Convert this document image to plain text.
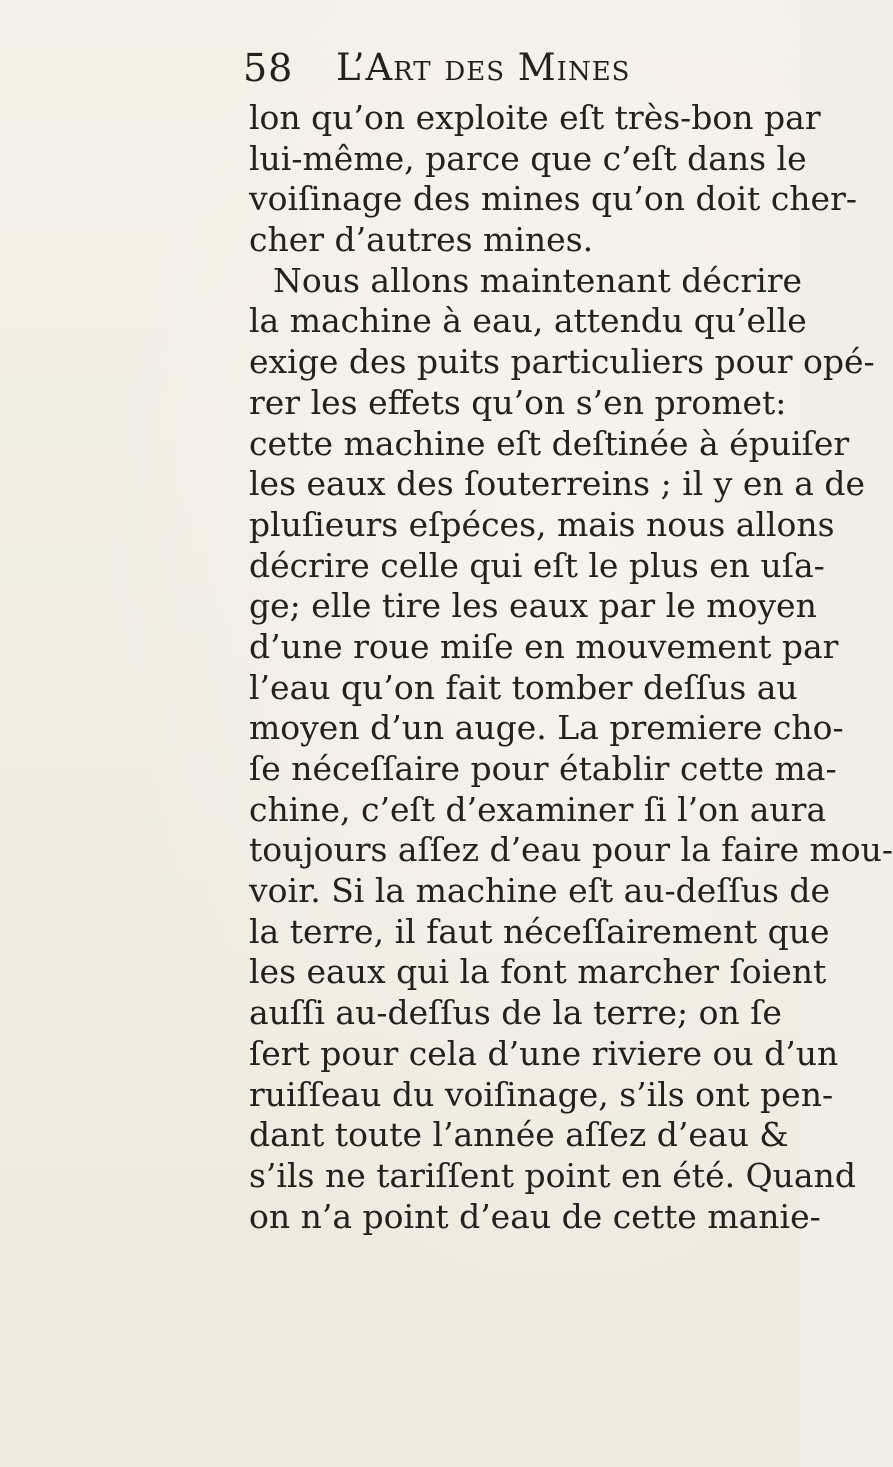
58 L’Art des Mines
lon qu’on exploite eſt très-bon par
lui-même, parce que c’eſt dans le
voiſinage des mines qu’on doit cher-
cher d’autres mines.
Nous allons maintenant décrire
la machine à eau, attendu qu’elle
exige des puits particuliers pour opé-
rer les effets qu’on s’en promet:
cette machine eſt deſtinée à épuiſer
les eaux des ſouterreins ; il y en a de
pluſieurs eſpéces, mais nous allons
décrire celle qui eſt le plus en uſa-
ge; elle tire les eaux par le moyen
d’une roue miſe en mouvement par
l’eau qu’on fait tomber deſſus au
moyen d’un auge. La premiere cho-
ſe néceſſaire pour établir cette ma-
chine, c’eſt d’examiner ſi l’on aura
toujours aſſez d’eau pour la faire mou-
voir. Si la machine eſt au-deſſus de
la terre, il faut néceſſairement que
les eaux qui la font marcher ſoient
auſſi au-deſſus de la terre; on ſe
ſert pour cela d’une riviere ou d’un
ruiſſeau du voiſinage, s’ils ont pen-
dant toute l’année aſſez d’eau &
s’ils ne tariſſent point en été. Quand
on n’a point d’eau de cette manie-
